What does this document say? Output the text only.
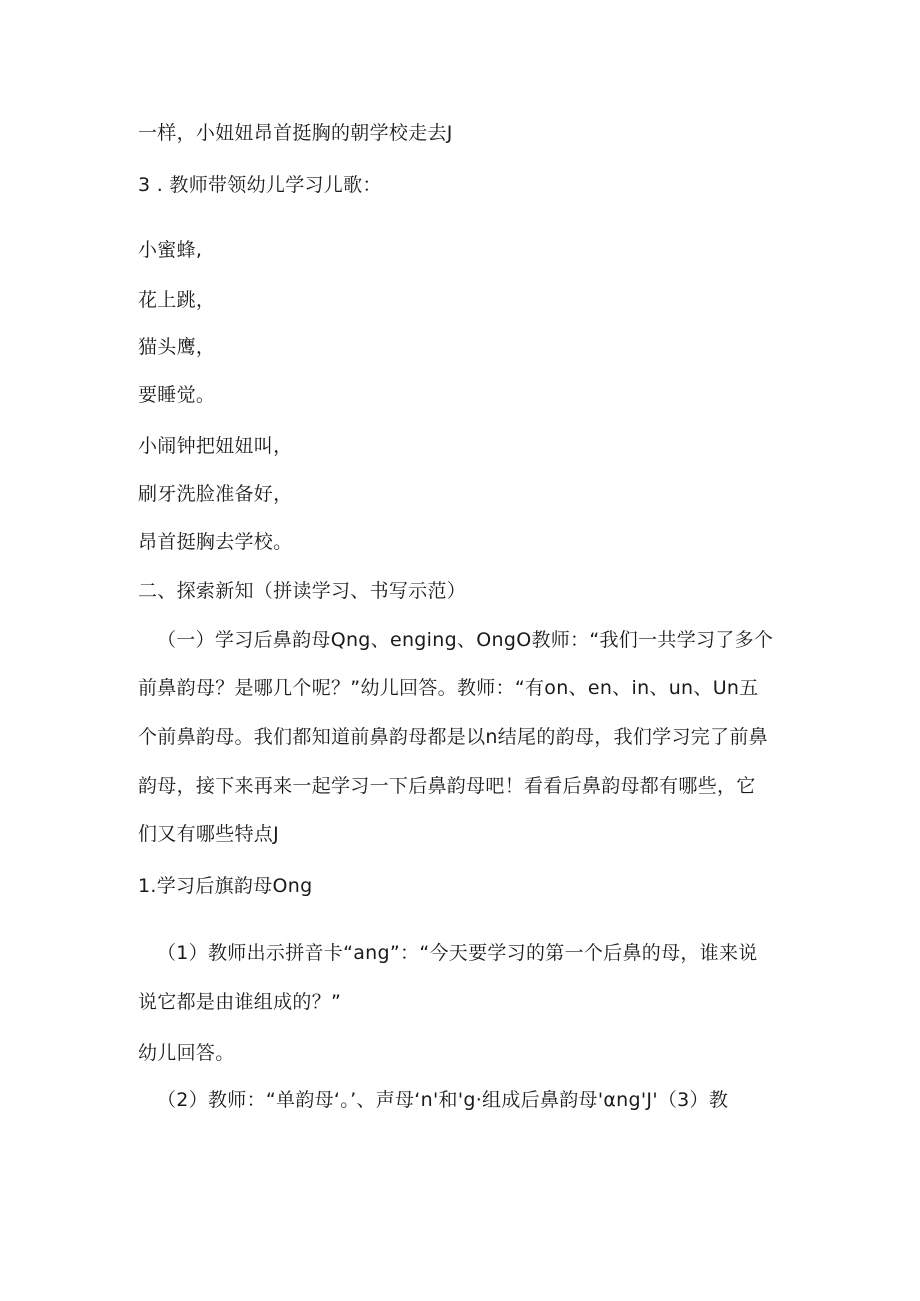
一样，小妞妞昂首挺胸的朝学校走去J
3 . 教师带领幼儿学习儿歌：
小蜜蜂,
花上跳，
猫头鹰，
要睡觉。
小闹钟把妞妞叫，
刷牙洗脸准备好，
昂首挺胸去学校。
二、探索新知（拼读学习、书写示范）
（一）学习后鼻韵母Qng、enging、OngO教师：“我们一共学习了多个
前鼻韵母？是哪几个呢？”幼儿回答。教师：“有on、en、in、un、Un五
个前鼻韵母。我们都知道前鼻韵母都是以n结尾的韵母，我们学习完了前鼻
韵母，接下来再来一起学习一下后鼻韵母吧！看看后鼻韵母都有哪些，它
们又有哪些特点J
1.学习后旗韵母Ong
（1）教师出示拼音卡“ang”：“今天要学习的第一个后鼻的母，谁来说
说它都是由谁组成的？”
幼儿回答。
（2）教师：“单韵母‘。’、声母‘n'和'g·组成后鼻韵母'αng'J'（3）教
